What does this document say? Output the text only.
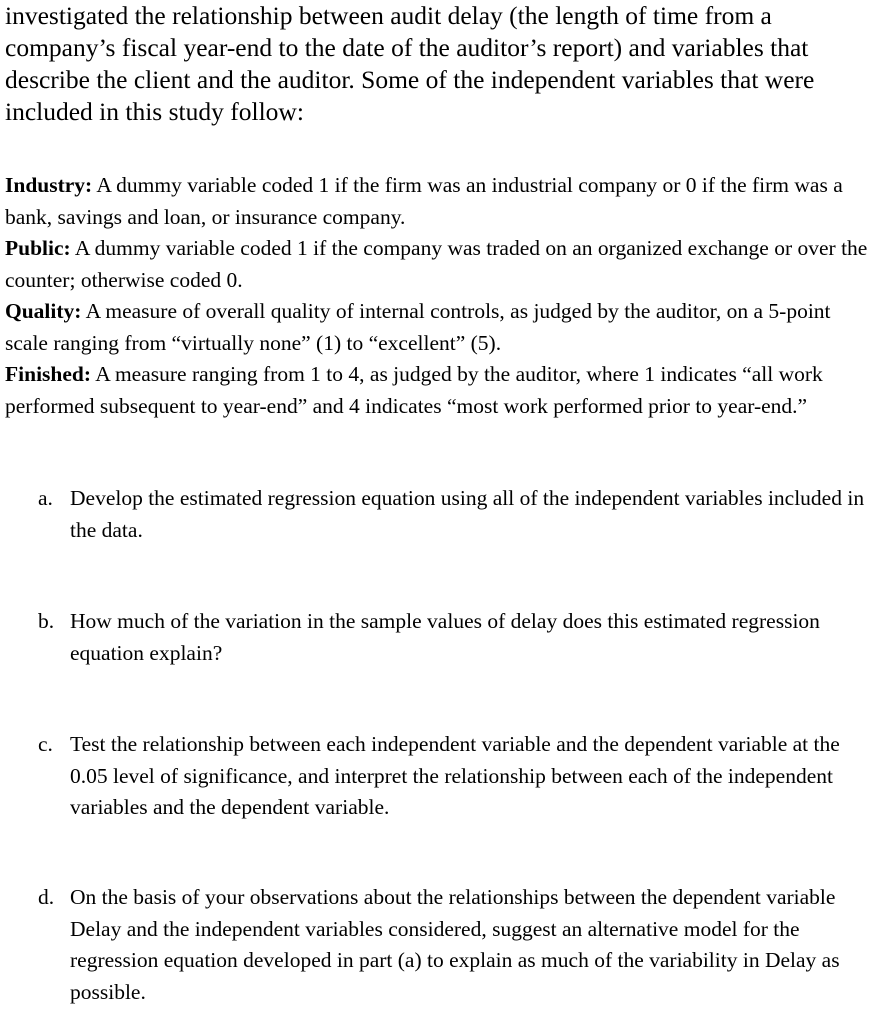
investigated the relationship between audit delay (the length of time from a company’s fiscal year-end to the date of the auditor’s report) and variables that describe the client and the auditor. Some of the independent variables that were included in this study follow:

Industry: A dummy variable coded 1 if the firm was an industrial company or 0 if the firm was a bank, savings and loan, or insurance company.

Public: A dummy variable coded 1 if the company was traded on an organized exchange or over the counter; otherwise coded 0.

Quality: A measure of overall quality of internal controls, as judged by the auditor, on a 5-point scale ranging from “virtually none” (1) to “excellent” (5).

Finished: A measure ranging from 1 to 4, as judged by the auditor, where 1 indicates “all work performed subsequent to year-end” and 4 indicates “most work performed prior to year-end.”

a. Develop the estimated regression equation using all of the independent variables included in the data.
b. How much of the variation in the sample values of delay does this estimated regression equation explain?
c. Test the relationship between each independent variable and the dependent variable at the 0.05 level of significance, and interpret the relationship between each of the independent variables and the dependent variable.
d. On the basis of your observations about the relationships between the dependent variable Delay and the independent variables considered, suggest an alternative model for the regression equation developed in part (a) to explain as much of the variability in Delay as possible.
